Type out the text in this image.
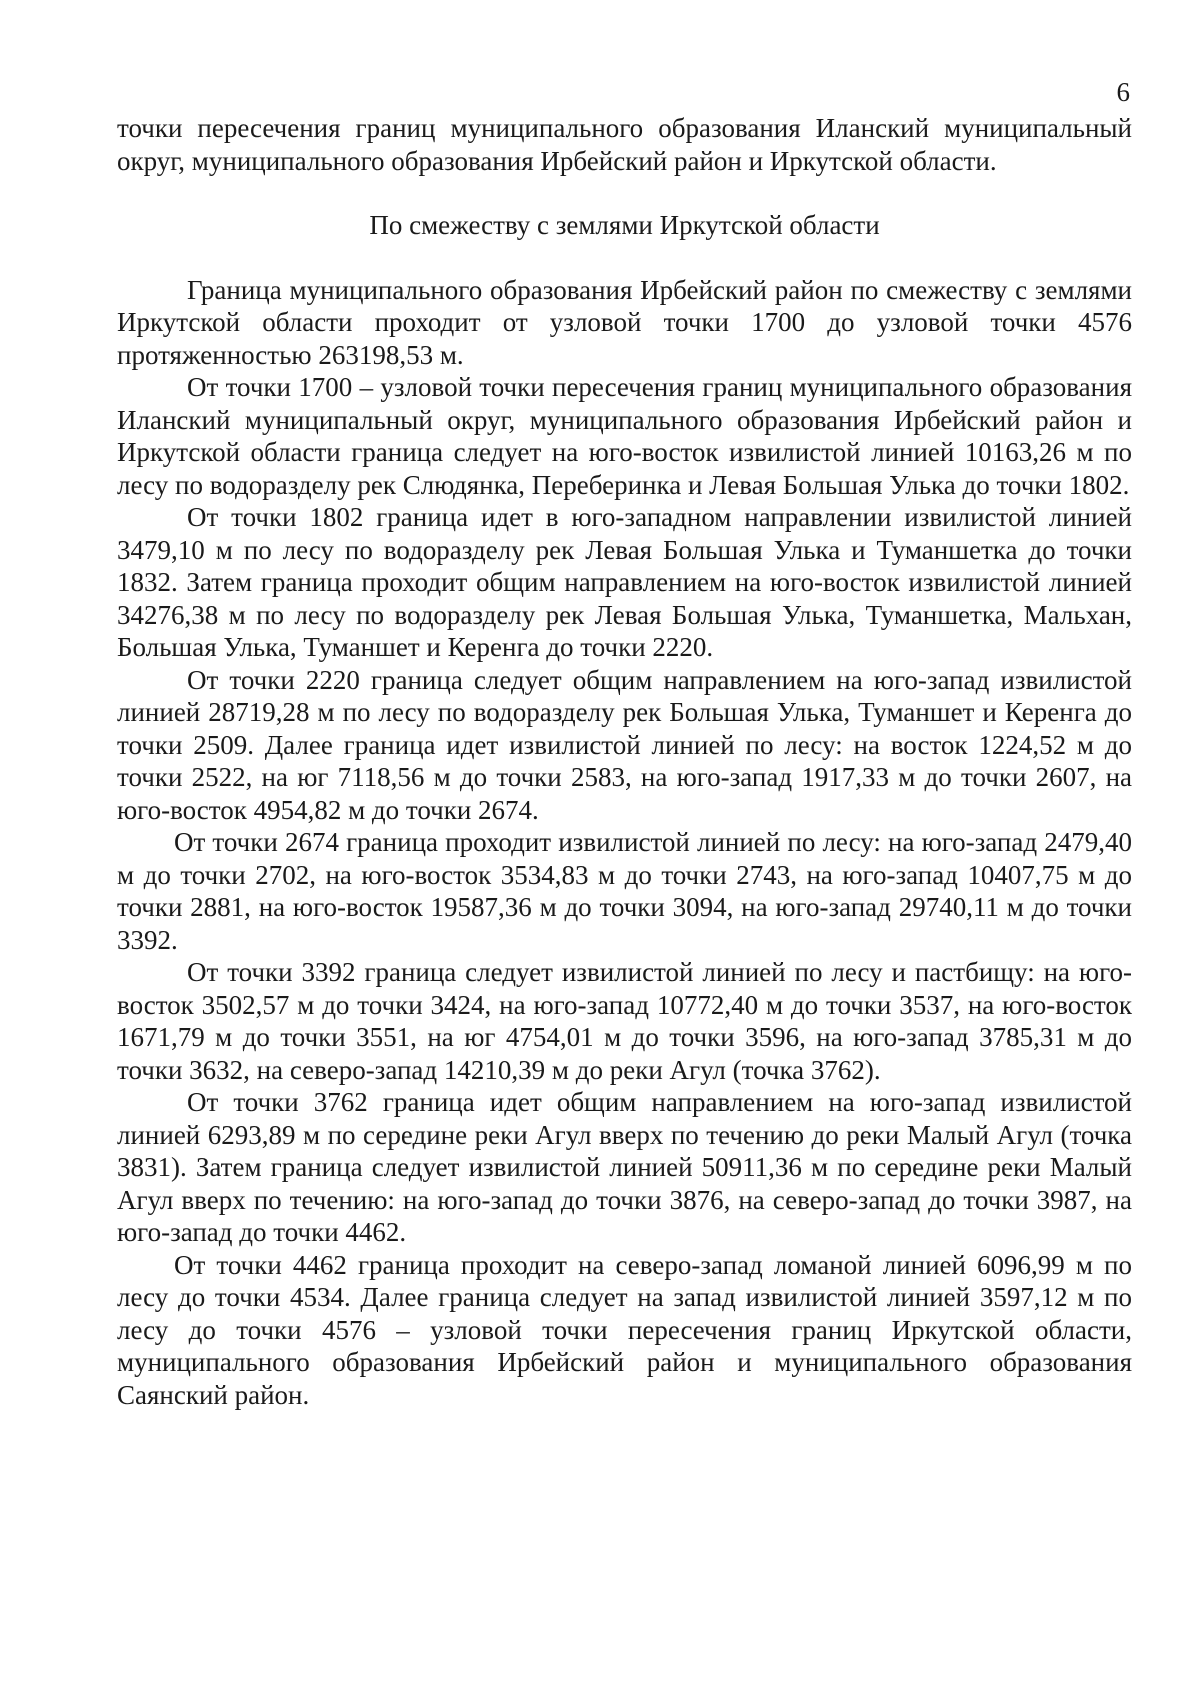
6

точки пересечения границ муниципального образования Иланский муниципальный округ, муниципального образования Ирбейский район и Иркутской области.

По смежеству с землями Иркутской области

Граница муниципального образования Ирбейский район по смежеству с землями Иркутской области проходит от узловой точки 1700 до узловой точки 4576 протяженностью 263198,53 м.

От точки 1700 – узловой точки пересечения границ муниципального образования Иланский муниципальный округ, муниципального образования Ирбейский район и Иркутской области граница следует на юго-восток извилистой линией 10163,26 м по лесу по водоразделу рек Слюдянка, Переберинка и Левая Большая Улька до точки 1802.

От точки 1802 граница идет в юго-западном направлении извилистой линией 3479,10 м по лесу по водоразделу рек Левая Большая Улька и Туманшетка до точки 1832. Затем граница проходит общим направлением на юго-восток извилистой линией 34276,38 м по лесу по водоразделу рек Левая Большая Улька, Туманшетка, Мальхан, Большая Улька, Туманшет и Керенга до точки 2220.

От точки 2220 граница следует общим направлением на юго-запад извилистой линией 28719,28 м по лесу по водоразделу рек Большая Улька, Туманшет и Керенга до точки 2509. Далее граница идет извилистой линией по лесу: на восток 1224,52 м до точки 2522, на юг 7118,56 м до точки 2583, на юго-запад 1917,33 м до точки 2607, на юго-восток 4954,82 м до точки 2674.

От точки 2674 граница проходит извилистой линией по лесу: на юго-запад 2479,40 м до точки 2702, на юго-восток 3534,83 м до точки 2743, на юго-запад 10407,75 м до точки 2881, на юго-восток 19587,36 м до точки 3094, на юго-запад 29740,11 м до точки 3392.

От точки 3392 граница следует извилистой линией по лесу и пастбищу: на юго-восток 3502,57 м до точки 3424, на юго-запад 10772,40 м до точки 3537, на юго-восток 1671,79 м до точки 3551, на юг 4754,01 м до точки 3596, на юго-запад 3785,31 м до точки 3632, на северо-запад 14210,39 м до реки Агул (точка 3762).

От точки 3762 граница идет общим направлением на юго-запад извилистой линией 6293,89 м по середине реки Агул вверх по течению до реки Малый Агул (точка 3831). Затем граница следует извилистой линией 50911,36 м по середине реки Малый Агул вверх по течению: на юго-запад до точки 3876, на северо-запад до точки 3987, на юго-запад до точки 4462.

От точки 4462 граница проходит на северо-запад ломаной линией 6096,99 м по лесу до точки 4534. Далее граница следует на запад извилистой линией 3597,12 м по лесу до точки 4576 – узловой точки пересечения границ Иркутской области, муниципального образования Ирбейский район и муниципального образования Саянский район.
